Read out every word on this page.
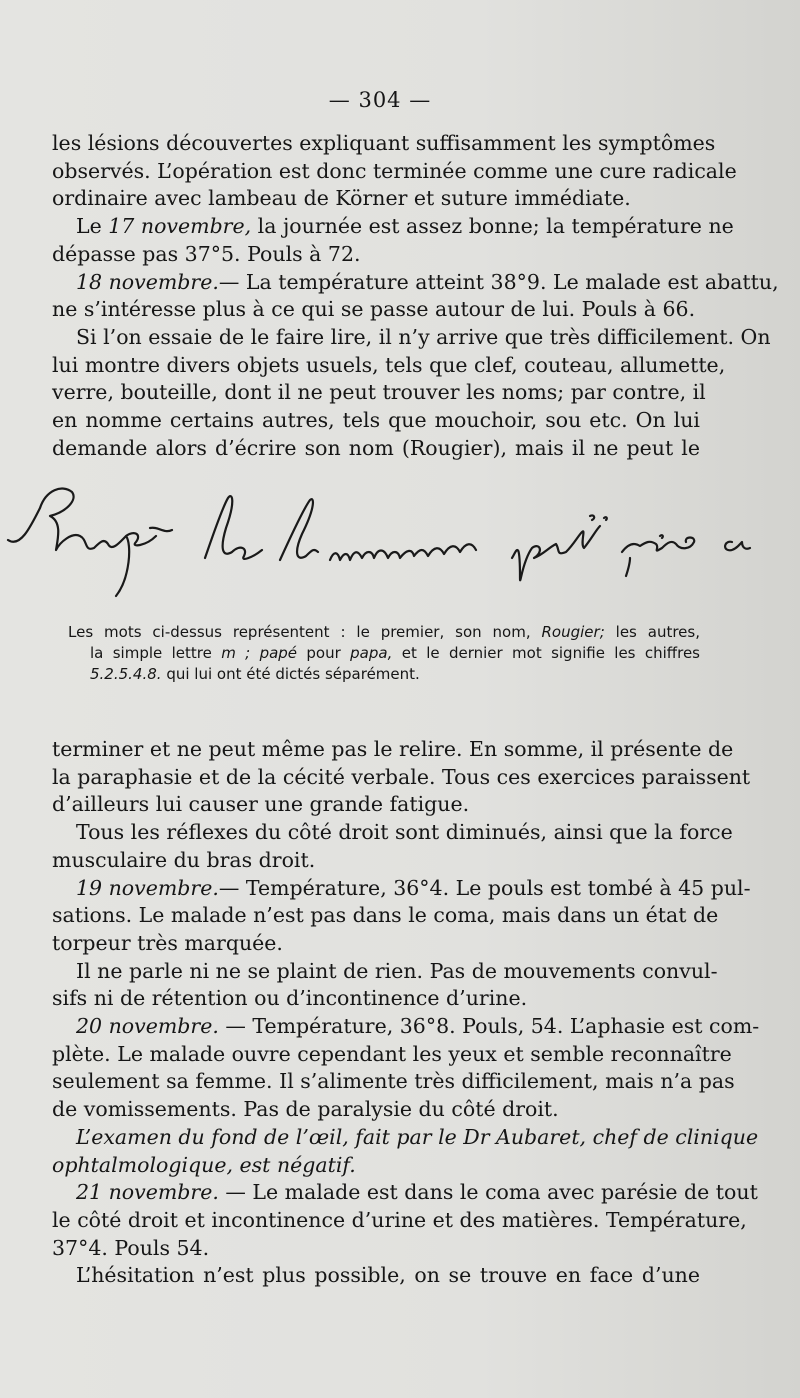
— 304 —
les lésions découvertes expliquant suffisamment les symptômes
observés. L’opération est donc terminée comme une cure radicale
ordinaire avec lambeau de Körner et suture immédiate.
Le 17 novembre, la journée est assez bonne; la température ne
dépasse pas 37°5. Pouls à 72.
18 novembre.— La température atteint 38°9. Le malade est abattu,
ne s’intéresse plus à ce qui se passe autour de lui. Pouls à 66.
Si l’on essaie de le faire lire, il n’y arrive que très difficilement. On
lui montre divers objets usuels, tels que clef, couteau, allumette,
verre, bouteille, dont il ne peut trouver les noms; par contre, il
en nomme certains autres, tels que mouchoir, sou etc. On lui
demande alors d’écrire son nom (Rougier), mais il ne peut le
Les mots ci-dessus représentent : le premier, son nom, Rougier; les autres,
la simple lettre m ; papé pour papa, et le dernier mot signifie les chiffres
5.2.5.4.8. qui lui ont été dictés séparément.
terminer et ne peut même pas le relire. En somme, il présente de
la paraphasie et de la cécité verbale. Tous ces exercices paraissent
d’ailleurs lui causer une grande fatigue.
Tous les réflexes du côté droit sont diminués, ainsi que la force
musculaire du bras droit.
19 novembre.— Température, 36°4. Le pouls est tombé à 45 pul-
sations. Le malade n’est pas dans le coma, mais dans un état de
torpeur très marquée.
Il ne parle ni ne se plaint de rien. Pas de mouvements convul-
sifs ni de rétention ou d’incontinence d’urine.
20 novembre. — Température, 36°8. Pouls, 54. L’aphasie est com-
plète. Le malade ouvre cependant les yeux et semble reconnaître
seulement sa femme. Il s’alimente très difficilement, mais n’a pas
de vomissements. Pas de paralysie du côté droit.
L’examen du fond de l’œil, fait par le Dr Aubaret, chef de clinique
ophtalmologique, est négatif.
21 novembre. — Le malade est dans le coma avec parésie de tout
le côté droit et incontinence d’urine et des matières. Température,
37°4. Pouls 54.
L’hésitation n’est plus possible, on se trouve en face d’une
